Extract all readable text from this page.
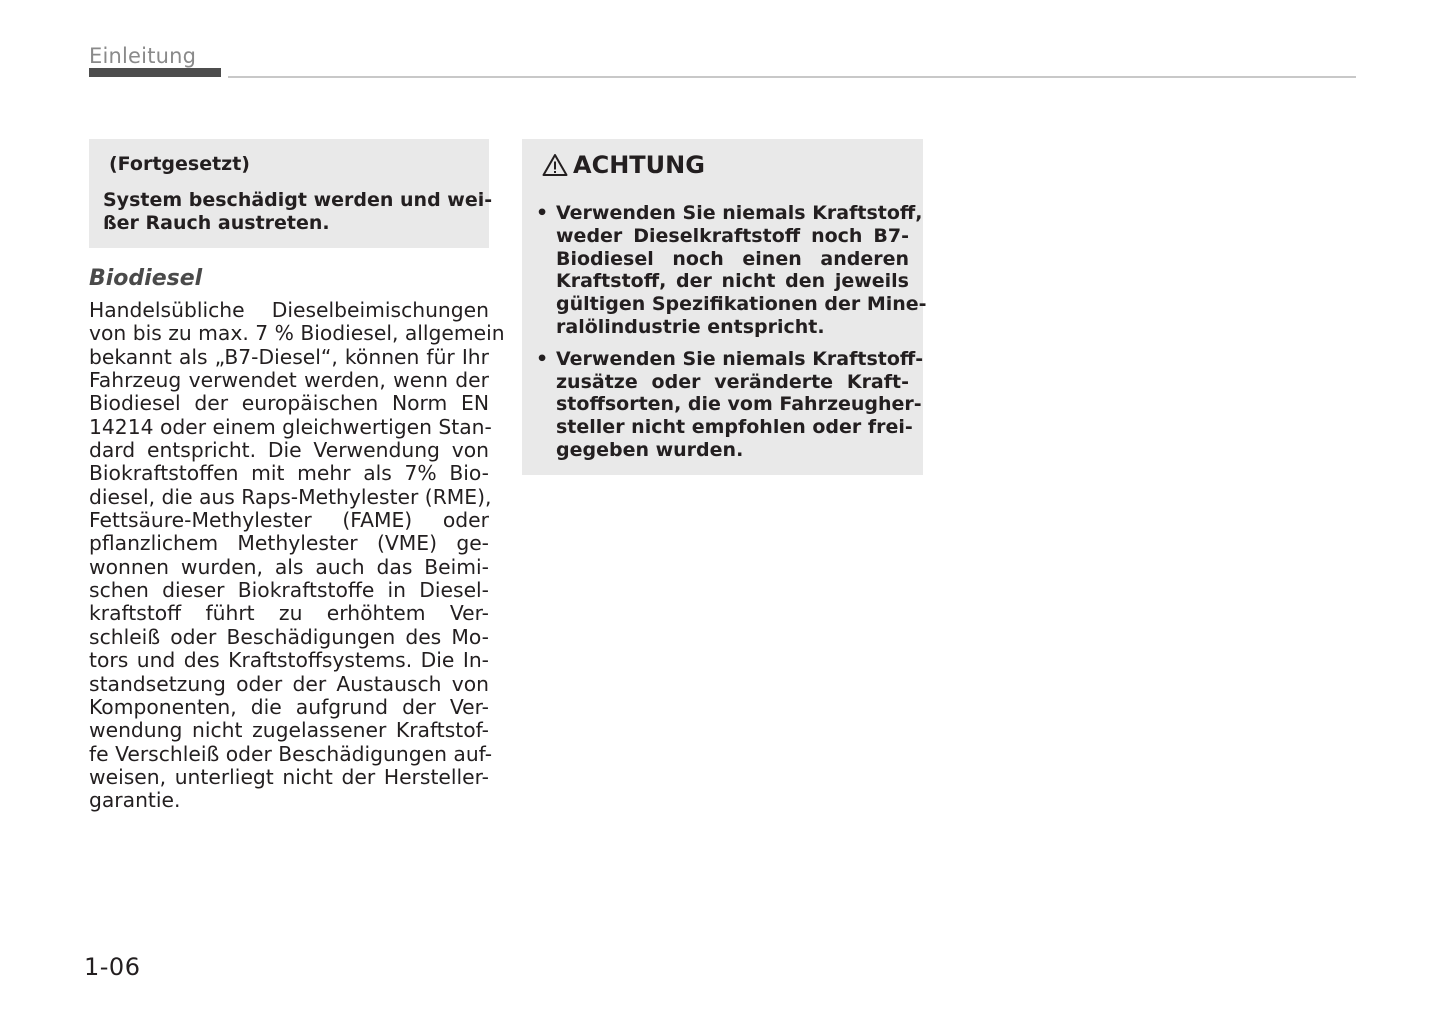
Einleitung
(Fortgesetzt)
System beschädigt werden und wei-
ßer Rauch austreten.
Biodiesel
Handelsübliche Dieselbeimischungen
von bis zu max. 7 % Biodiesel, allgemein
bekannt als „B7-Diesel“, können für Ihr
Fahrzeug verwendet werden, wenn der
Biodiesel der europäischen Norm EN
14214 oder einem gleichwertigen Stan-
dard entspricht. Die Verwendung von
Biokraftstoffen mit mehr als 7% Bio-
diesel, die aus Raps-Methylester (RME),
Fettsäure-Methylester (FAME) oder
pflanzlichem Methylester (VME) ge-
wonnen wurden, als auch das Beimi-
schen dieser Biokraftstoffe in Diesel-
kraftstoff führt zu erhöhtem Ver-
schleiß oder Beschädigungen des Mo-
tors und des Kraftstoffsystems. Die In-
standsetzung oder der Austausch von
Komponenten, die aufgrund der Ver-
wendung nicht zugelassener Kraftstof-
fe Verschleiß oder Beschädigungen auf-
weisen, unterliegt nicht der Hersteller-
garantie.
ACHTUNG
• Verwenden Sie niemals Kraftstoff,
weder Dieselkraftstoff noch B7-
Biodiesel noch einen anderen
Kraftstoff, der nicht den jeweils
gültigen Spezifikationen der Mine-
ralölindustrie entspricht.
• Verwenden Sie niemals Kraftstoff-
zusätze oder veränderte Kraft-
stoffsorten, die vom Fahrzeugher-
steller nicht empfohlen oder frei-
gegeben wurden.
1-06
